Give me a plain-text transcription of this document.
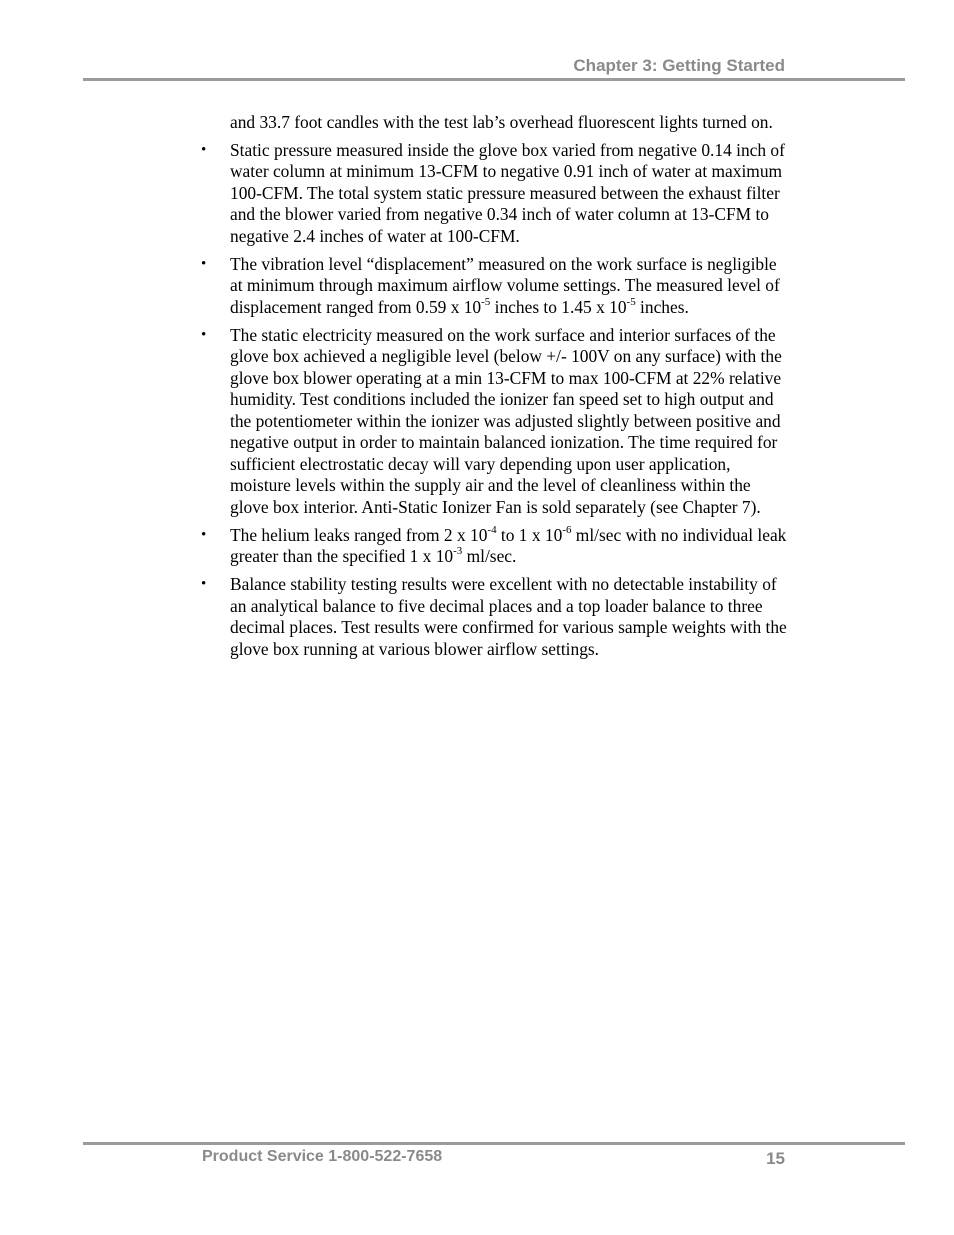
Chapter 3: Getting Started

and 33.7 foot candles with the test lab’s overhead fluorescent lights turned on.

•	Static pressure measured inside the glove box varied from negative 0.14 inch of water column at minimum 13-CFM to negative 0.91 inch of water at maximum 100-CFM. The total system static pressure measured between the exhaust filter and the blower varied from negative 0.34 inch of water column at 13-CFM to negative 2.4 inches of water at 100-CFM.
•	The vibration level “displacement” measured on the work surface is negligible at minimum through maximum airflow volume settings. The measured level of displacement ranged from 0.59 x $10^{-5}$ inches to 1.45 x $10^{-5}$ inches.
•	The static electricity measured on the work surface and interior surfaces of the glove box achieved a negligible level (below +/- 100V on any surface) with the glove box blower operating at a min 13-CFM to max 100-CFM at 22% relative humidity. Test conditions included the ionizer fan speed set to high output and the potentiometer within the ionizer was adjusted slightly between positive and negative output in order to maintain balanced ionization. The time required for sufficient electrostatic decay will vary depending upon user application, moisture levels within the supply air and the level of cleanliness within the glove box interior. Anti-Static Ionizer Fan is sold separately (see Chapter 7).
•	The helium leaks ranged from 2 x $10^{-4}$ to 1 x $10^{-6}$ ml/sec with no individual leak greater than the specified 1 x $10^{-3}$ ml/sec.
•	Balance stability testing results were excellent with no detectable instability of an analytical balance to five decimal places and a top loader balance to three decimal places. Test results were confirmed for various sample weights with the glove box running at various blower airflow settings.
Product Service 1-800-522-7658	15
